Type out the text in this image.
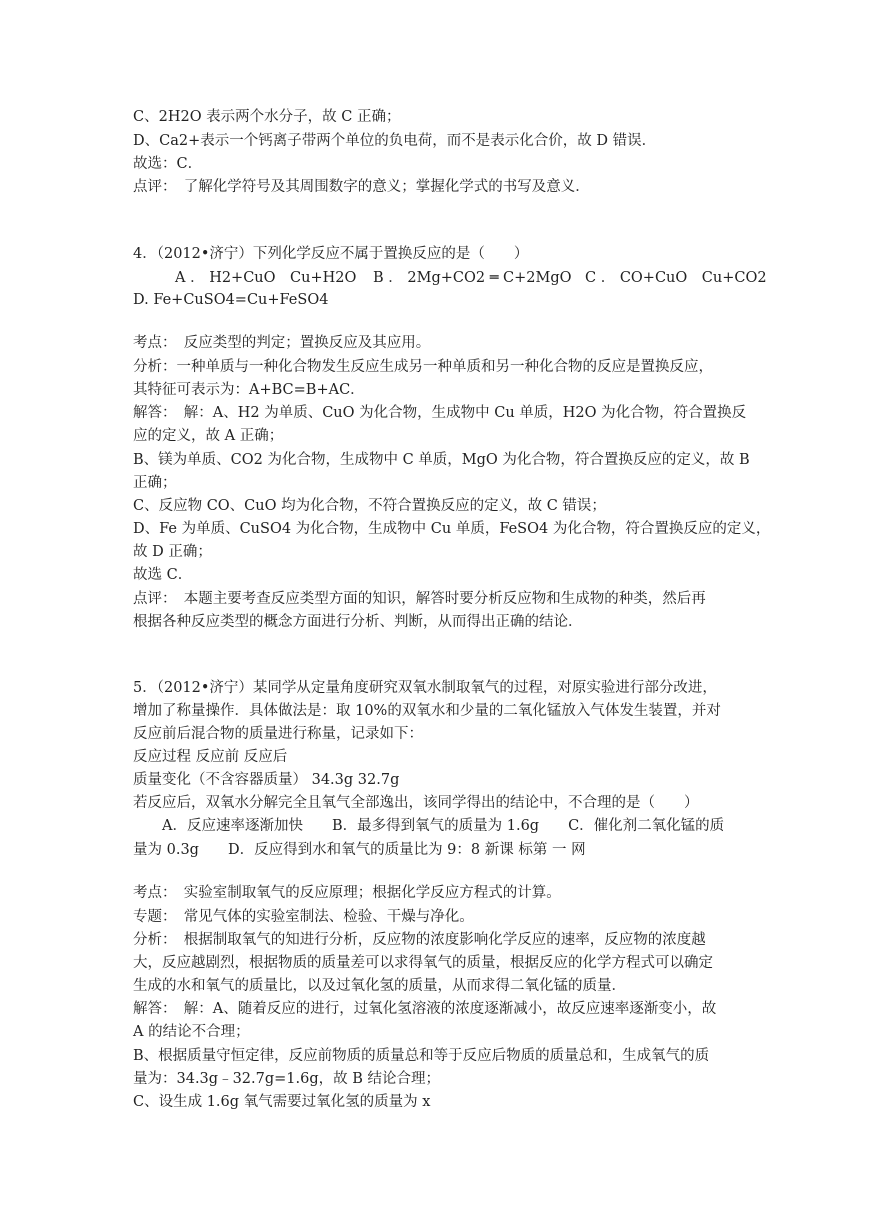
C、2H2O 表示两个水分子，故 C 正确；
D、Ca2+表示一个钙离子带两个单位的负电荷，而不是表示化合价，故 D 错误．
故选：C．
点评：　了解化学符号及其周围数字的意义；掌握化学式的书写及意义．
4．（2012•济宁）下列化学反应不属于置换反应的是（　　）
A ． H2+CuO　Cu+H2O B ． 2Mg+CO2 ═ C+2MgO C ． CO+CuO　Cu+CO2
D. Fe+CuSO4=Cu+FeSO4
考点：　反应类型的判定；置换反应及其应用。
分析：一种单质与一种化合物发生反应生成另一种单质和另一种化合物的反应是置换反应，
其特征可表示为：A+BC=B+AC．
解答：　解：A、H2 为单质、CuO 为化合物，生成物中 Cu 单质，H2O 为化合物，符合置换反
应的定义，故 A 正确；
B、镁为单质、CO2 为化合物，生成物中 C 单质，MgO 为化合物，符合置换反应的定义，故 B
正确；
C、反应物 CO、CuO 均为化合物，不符合置换反应的定义，故 C 错误；
D、Fe 为单质、CuSO4 为化合物，生成物中 Cu 单质，FeSO4 为化合物，符合置换反应的定义，
故 D 正确；
故选 C．
点评：　本题主要考查反应类型方面的知识，解答时要分析反应物和生成物的种类，然后再
根据各种反应类型的概念方面进行分析、判断，从而得出正确的结论．
5．（2012•济宁）某同学从定量角度研究双氧水制取氧气的过程，对原实验进行部分改进，
增加了称量操作．具体做法是：取 10%的双氧水和少量的二氧化锰放入气体发生装置，并对
反应前后混合物的质量进行称量，记录如下：
反应过程 反应前 反应后
质量变化（不含容器质量） 34.3g 32.7g
若反应后，双氧水分解完全且氧气全部逸出，该同学得出的结论中，不合理的是（　　）
　　A．反应速率逐渐加快　　B．最多得到氧气的质量为 1.6g　　C．催化剂二氧化锰的质
量为 0.3g　　D．反应得到水和氧气的质量比为 9：8 新课 标第 一 网
考点：　实验室制取氧气的反应原理；根据化学反应方程式的计算。
专题：　常见气体的实验室制法、检验、干燥与净化。
分析：　根据制取氧气的知进行分析，反应物的浓度影响化学反应的速率，反应物的浓度越
大，反应越剧烈，根据物质的质量差可以求得氧气的质量，根据反应的化学方程式可以确定
生成的水和氧气的质量比，以及过氧化氢的质量，从而求得二氧化锰的质量．
解答：　解：A、随着反应的进行，过氧化氢溶液的浓度逐渐减小，故反应速率逐渐变小，故
A 的结论不合理；
B、根据质量守恒定律，反应前物质的质量总和等于反应后物质的质量总和，生成氧气的质
量为：34.3g﹣32.7g=1.6g，故 B 结论合理；
C、设生成 1.6g 氧气需要过氧化氢的质量为 x
